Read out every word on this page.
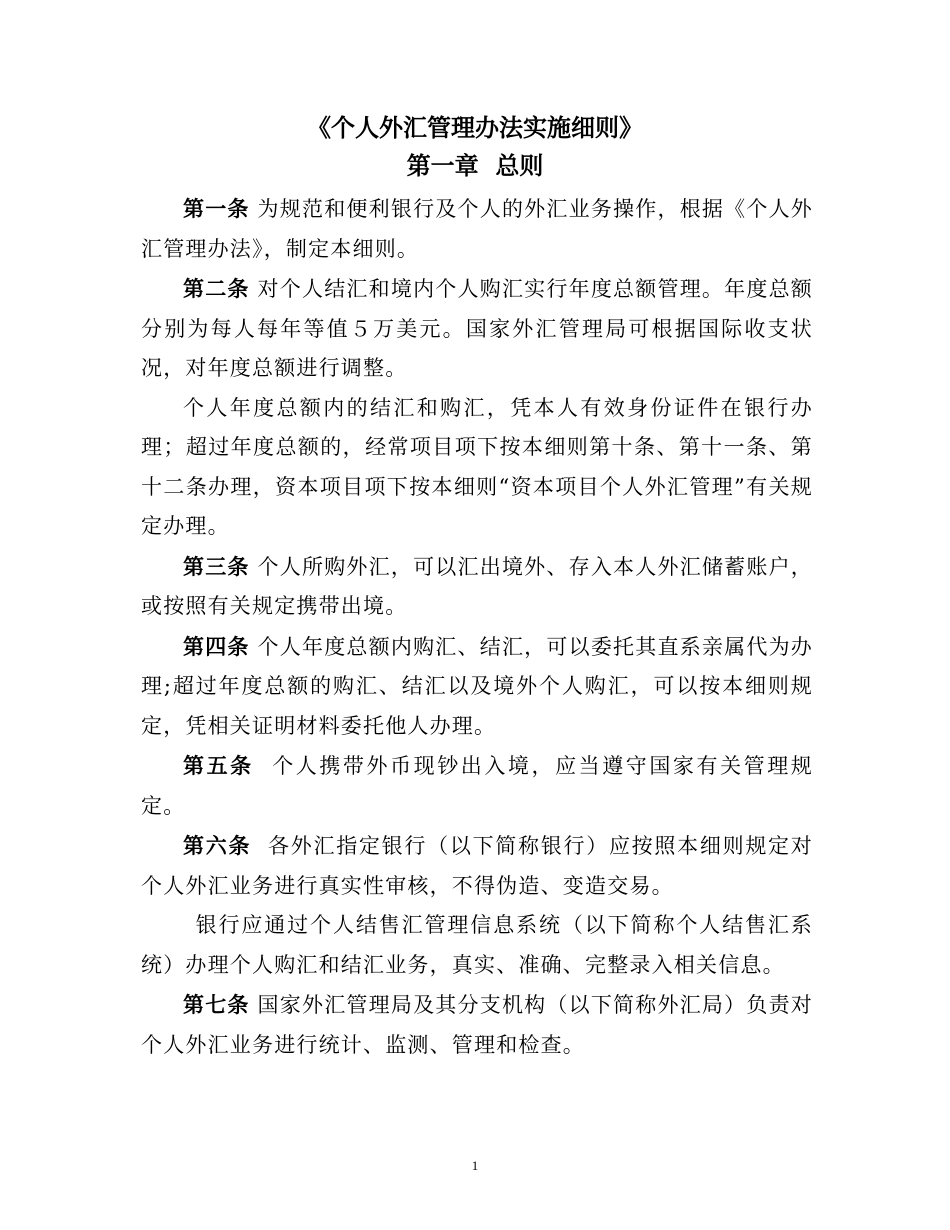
《个人外汇管理办法实施细则》
第一章  总则

第一条 为规范和便利银行及个人的外汇业务操作，根据《个人外汇管理办法》，制定本细则。

第二条 对个人结汇和境内个人购汇实行年度总额管理。年度总额分别为每人每年等值５万美元。国家外汇管理局可根据国际收支状况，对年度总额进行调整。

个人年度总额内的结汇和购汇，凭本人有效身份证件在银行办理；超过年度总额的，经常项目项下按本细则第十条、第十一条、第十二条办理，资本项目项下按本细则“资本项目个人外汇管理”有关规定办理。

第三条 个人所购外汇，可以汇出境外、存入本人外汇储蓄账户，或按照有关规定携带出境。

第四条 个人年度总额内购汇、结汇，可以委托其直系亲属代为办理;超过年度总额的购汇、结汇以及境外个人购汇，可以按本细则规定，凭相关证明材料委托他人办理。

第五条  个人携带外币现钞出入境，应当遵守国家有关管理规定。

第六条  各外汇指定银行（以下简称银行）应按照本细则规定对个人外汇业务进行真实性审核，不得伪造、变造交易。

银行应通过个人结售汇管理信息系统（以下简称个人结售汇系统）办理个人购汇和结汇业务，真实、准确、完整录入相关信息。

第七条 国家外汇管理局及其分支机构（以下简称外汇局）负责对个人外汇业务进行统计、监测、管理和检查。

1
